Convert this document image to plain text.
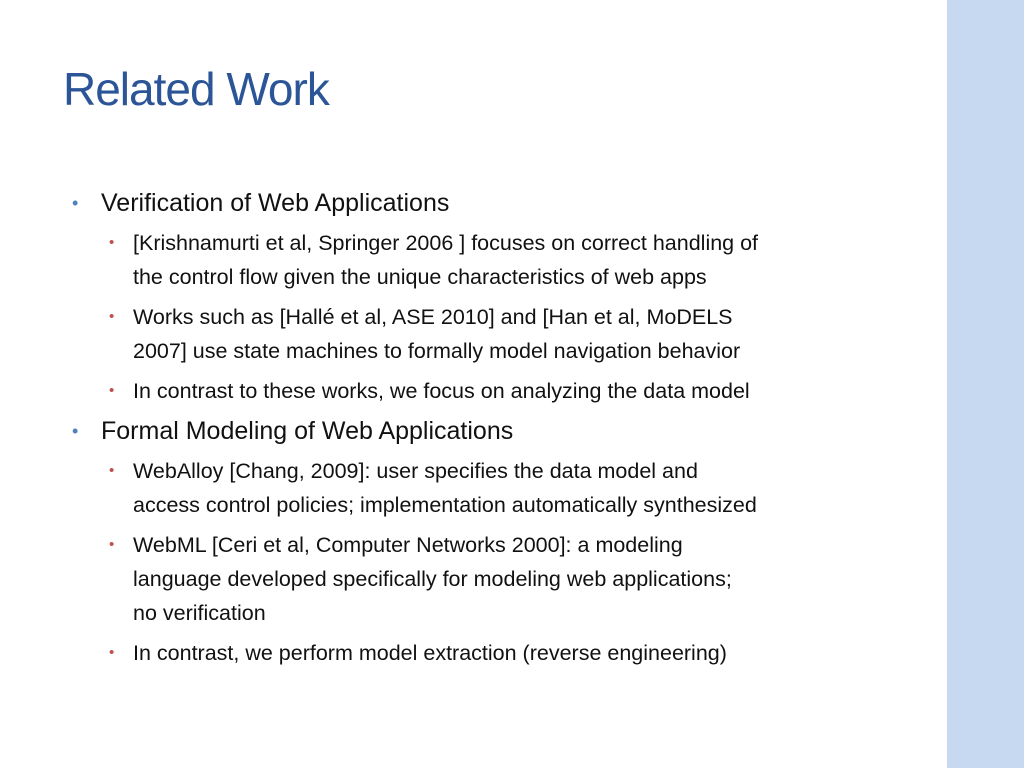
Related Work
• Verification of Web Applications
• [Krishnamurti et al, Springer 2006 ] focuses on correct handling of
the control flow given the unique characteristics of web apps
• Works such as [Hallé et al, ASE 2010] and [Han et al, MoDELS
2007] use state machines to formally model navigation behavior
• In contrast to these works, we focus on analyzing the data model
• Formal Modeling of Web Applications
• WebAlloy [Chang, 2009]: user specifies the data model and
access control policies; implementation automatically synthesized
• WebML [Ceri et al, Computer Networks 2000]: a modeling
language developed specifically for modeling web applications;
no verification
• In contrast, we perform model extraction (reverse engineering)
